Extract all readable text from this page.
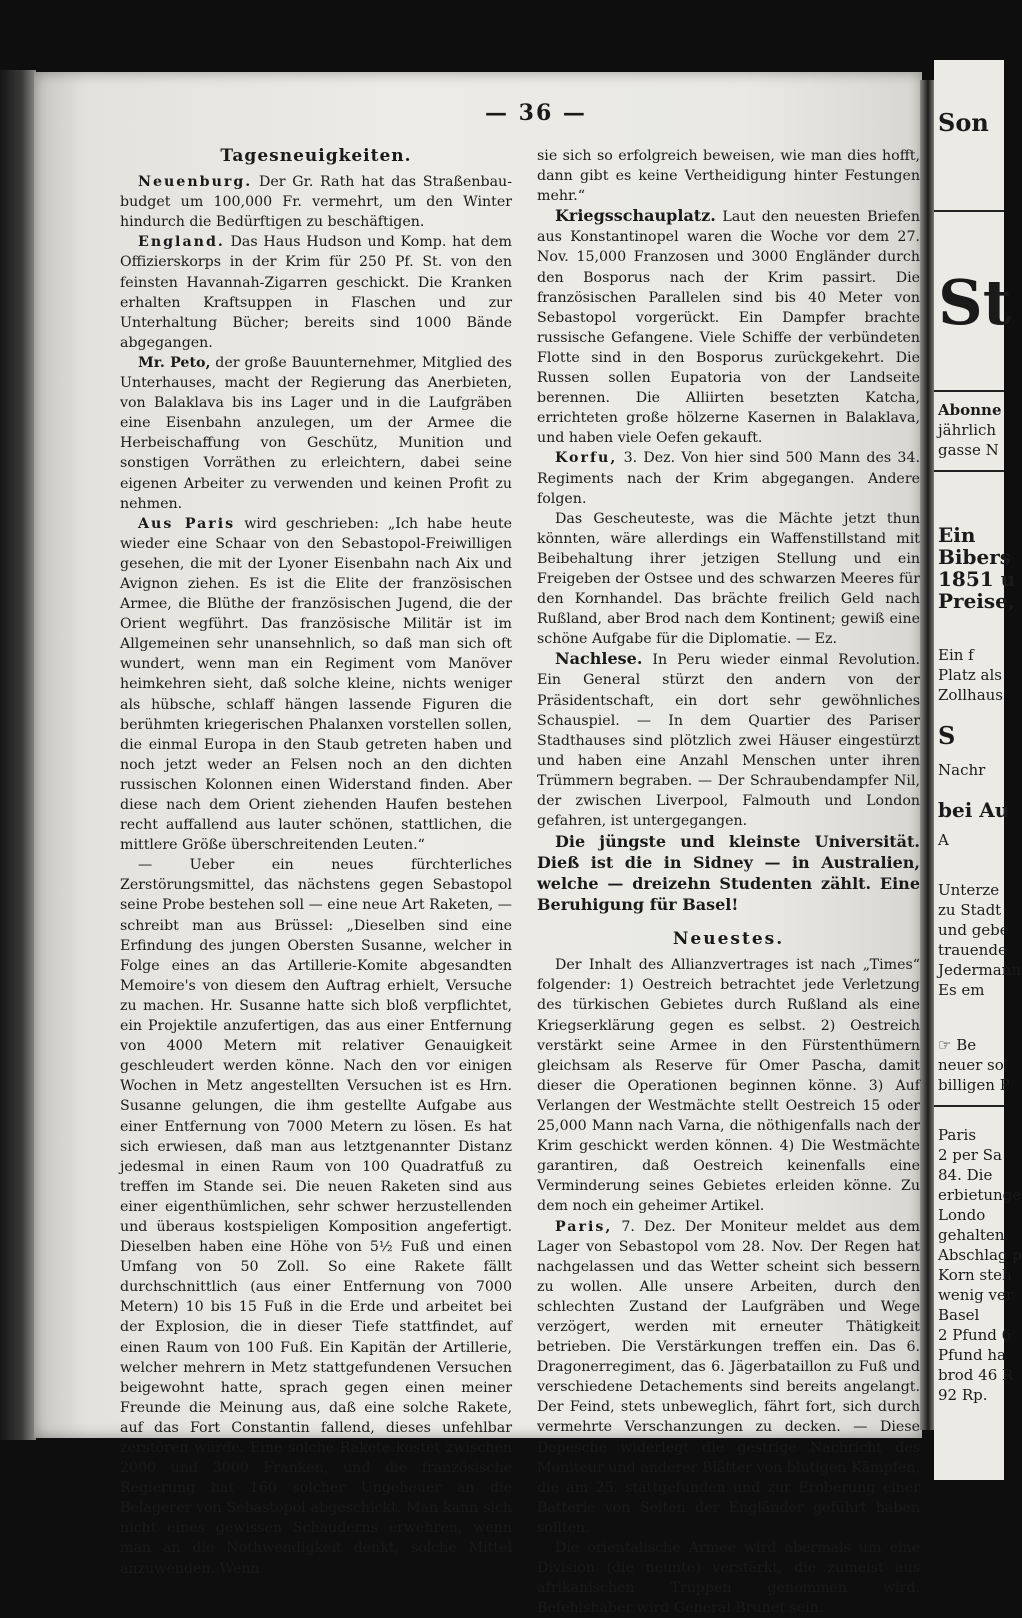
— 36 —
Tagesneuigkeiten.

Neuenburg. Der Gr. Rath hat das Straßenbau-budget um 100,000 Fr. vermehrt, um den Winter hindurch die Bedürftigen zu beschäftigen.

England. Das Haus Hudson und Komp. hat dem Offizierskorps in der Krim für 250 Pf. St. von den feinsten Havannah-Zigarren geschickt. Die Kranken erhalten Kraftsuppen in Flaschen und zur Unterhaltung Bücher; bereits sind 1000 Bände abgegangen.

Mr. Peto, der große Bauunternehmer, Mitglied des Unterhauses, macht der Regierung das Anerbieten, von Balaklava bis ins Lager und in die Laufgräben eine Eisenbahn anzulegen, um der Armee die Herbeischaffung von Geschütz, Munition und sonstigen Vorräthen zu erleichtern, dabei seine eigenen Arbeiter zu verwenden und keinen Profit zu nehmen.

Aus Paris wird geschrieben: „Ich habe heute wieder eine Schaar von den Sebastopol-Freiwilligen gesehen, die mit der Lyoner Eisenbahn nach Aix und Avignon ziehen. Es ist die Elite der französischen Armee, die Blüthe der französischen Jugend, die der Orient wegführt. Das französische Militär ist im Allgemeinen sehr unansehnlich, so daß man sich oft wundert, wenn man ein Regiment vom Manöver heimkehren sieht, daß solche kleine, nichts weniger als hübsche, schlaff hängen lassende Figuren die berühmten kriegerischen Phalanxen vorstellen sollen, die einmal Europa in den Staub getreten haben und noch jetzt weder an Felsen noch an den dichten russischen Kolonnen einen Widerstand finden. Aber diese nach dem Orient ziehenden Haufen bestehen recht auffallend aus lauter schönen, stattlichen, die mittlere Größe überschreitenden Leuten.“

— Ueber ein neues fürchterliches Zerstörungsmittel, das nächstens gegen Sebastopol seine Probe bestehen soll — eine neue Art Raketen, — schreibt man aus Brüssel: „Dieselben sind eine Erfindung des jungen Obersten Susanne, welcher in Folge eines an das Artillerie-Komite abgesandten Memoire's von diesem den Auftrag erhielt, Versuche zu machen. Hr. Susanne hatte sich bloß verpflichtet, ein Projektile anzufertigen, das aus einer Entfernung von 4000 Metern mit relativer Genauigkeit geschleudert werden könne. Nach den vor einigen Wochen in Metz angestellten Versuchen ist es Hrn. Susanne gelungen, die ihm gestellte Aufgabe aus einer Entfernung von 7000 Metern zu lösen. Es hat sich erwiesen, daß man aus letztgenannter Distanz jedesmal in einen Raum von 100 Quadratfuß zu treffen im Stande sei. Die neuen Raketen sind aus einer eigenthümlichen, sehr schwer herzustellenden und überaus kostspieligen Komposition angefertigt. Dieselben haben eine Höhe von 5½ Fuß und einen Umfang von 50 Zoll. So eine Rakete fällt durchschnittlich (aus einer Entfernung von 7000 Metern) 10 bis 15 Fuß in die Erde und arbeitet bei der Explosion, die in dieser Tiefe stattfindet, auf einen Raum von 100 Fuß. Ein Kapitän der Artillerie, welcher mehrern in Metz stattgefundenen Versuchen beigewohnt hatte, sprach gegen einen meiner Freunde die Meinung aus, daß eine solche Rakete, auf das Fort Constantin fallend, dieses unfehlbar zerstören würde. Eine solche Rakete kostet zwischen 2000 und 3000 Franken, und die französische Regierung hat 160 solcher Ungeheuer an die Belagerer von Sebastopol abgeschickt. Man kann sich nicht eines gewissen Schauderns erwehren, wenn man an die Nothwendigkeit denkt, solche Mittel anzuwenden. Wenn

sie sich so erfolgreich beweisen, wie man dies hofft, dann gibt es keine Vertheidigung hinter Festungen mehr.“

Kriegsschauplatz. Laut den neuesten Briefen aus Konstantinopel waren die Woche vor dem 27. Nov. 15,000 Franzosen und 3000 Engländer durch den Bosporus nach der Krim passirt. Die französischen Parallelen sind bis 40 Meter von Sebastopol vorgerückt. Ein Dampfer brachte russische Gefangene. Viele Schiffe der verbündeten Flotte sind in den Bosporus zurückgekehrt. Die Russen sollen Eupatoria von der Landseite berennen. Die Alliirten besetzten Katcha, errichteten große hölzerne Kasernen in Balaklava, und haben viele Oefen gekauft.

Korfu, 3. Dez. Von hier sind 500 Mann des 34. Regiments nach der Krim abgegangen. Andere folgen.

Das Gescheuteste, was die Mächte jetzt thun könnten, wäre allerdings ein Waffenstillstand mit Beibehaltung ihrer jetzigen Stellung und ein Freigeben der Ostsee und des schwarzen Meeres für den Kornhandel. Das brächte freilich Geld nach Rußland, aber Brod nach dem Kontinent; gewiß eine schöne Aufgabe für die Diplomatie. — Ez.

Nachlese. In Peru wieder einmal Revolution. Ein General stürzt den andern von der Präsidentschaft, ein dort sehr gewöhnliches Schauspiel. — In dem Quartier des Pariser Stadthauses sind plötzlich zwei Häuser eingestürzt und haben eine Anzahl Menschen unter ihren Trümmern begraben. — Der Schraubendampfer Nil, der zwischen Liverpool, Falmouth und London gefahren, ist untergegangen.

Die jüngste und kleinste Universität. Dieß ist die in Sidney — in Australien, welche — dreizehn Studenten zählt. Eine Beruhigung für Basel!

Neuestes.

Der Inhalt des Allianzvertrages ist nach „Times“ folgender: 1) Oestreich betrachtet jede Verletzung des türkischen Gebietes durch Rußland als eine Kriegserklärung gegen es selbst. 2) Oestreich verstärkt seine Armee in den Fürstenthümern gleichsam als Reserve für Omer Pascha, damit dieser die Operationen beginnen könne. 3) Auf Verlangen der Westmächte stellt Oestreich 15 oder 25,000 Mann nach Varna, die nöthigenfalls nach der Krim geschickt werden können. 4) Die Westmächte garantiren, daß Oestreich keinenfalls eine Verminderung seines Gebietes erleiden könne. Zu dem noch ein geheimer Artikel.

Paris, 7. Dez. Der Moniteur meldet aus dem Lager von Sebastopol vom 28. Nov. Der Regen hat nachgelassen und das Wetter scheint sich bessern zu wollen. Alle unsere Arbeiten, durch den schlechten Zustand der Laufgräben und Wege verzögert, werden mit erneuter Thätigkeit betrieben. Die Verstärkungen treffen ein. Das 6. Dragonerregiment, das 6. Jägerbataillon zu Fuß und verschiedene Detachements sind bereits angelangt. Der Feind, stets unbeweglich, fährt fort, sich durch vermehrte Verschanzungen zu decken. — Diese Depesche widerlegt die gestrige Nachricht des Moniteur und anderer Blätter von blutigen Kämpfen, die am 25. stattgefunden und zur Eroberung einer Batterie von Seiten der Engländer geführt haben sollten.

Die orientalische Armee wird abermals um eine Division (die neunte) verstärkt, die zumeist aus afrikanischen Truppen genommen wird. Befehlshaber wird General Brunet sein.

Son
St
Abonne
jährlich
gasse N
Ein
Bibers
1851 u
Preise,
Ein f
Platz als
Zollhaus
S
Nachr
bei Au
A
Unterze
zu Stadt
und gebe
trauende
Jedermann
Es em
☞ Be
neuer sol
billigen P
Paris
2 per Sa
84. Die
erbietunge
Londo
gehalten.
Abschlag p
Korn steh
wenig ver
Basel
2 Pfund 6
Pfund ha
brod 46 R
92 Rp.
